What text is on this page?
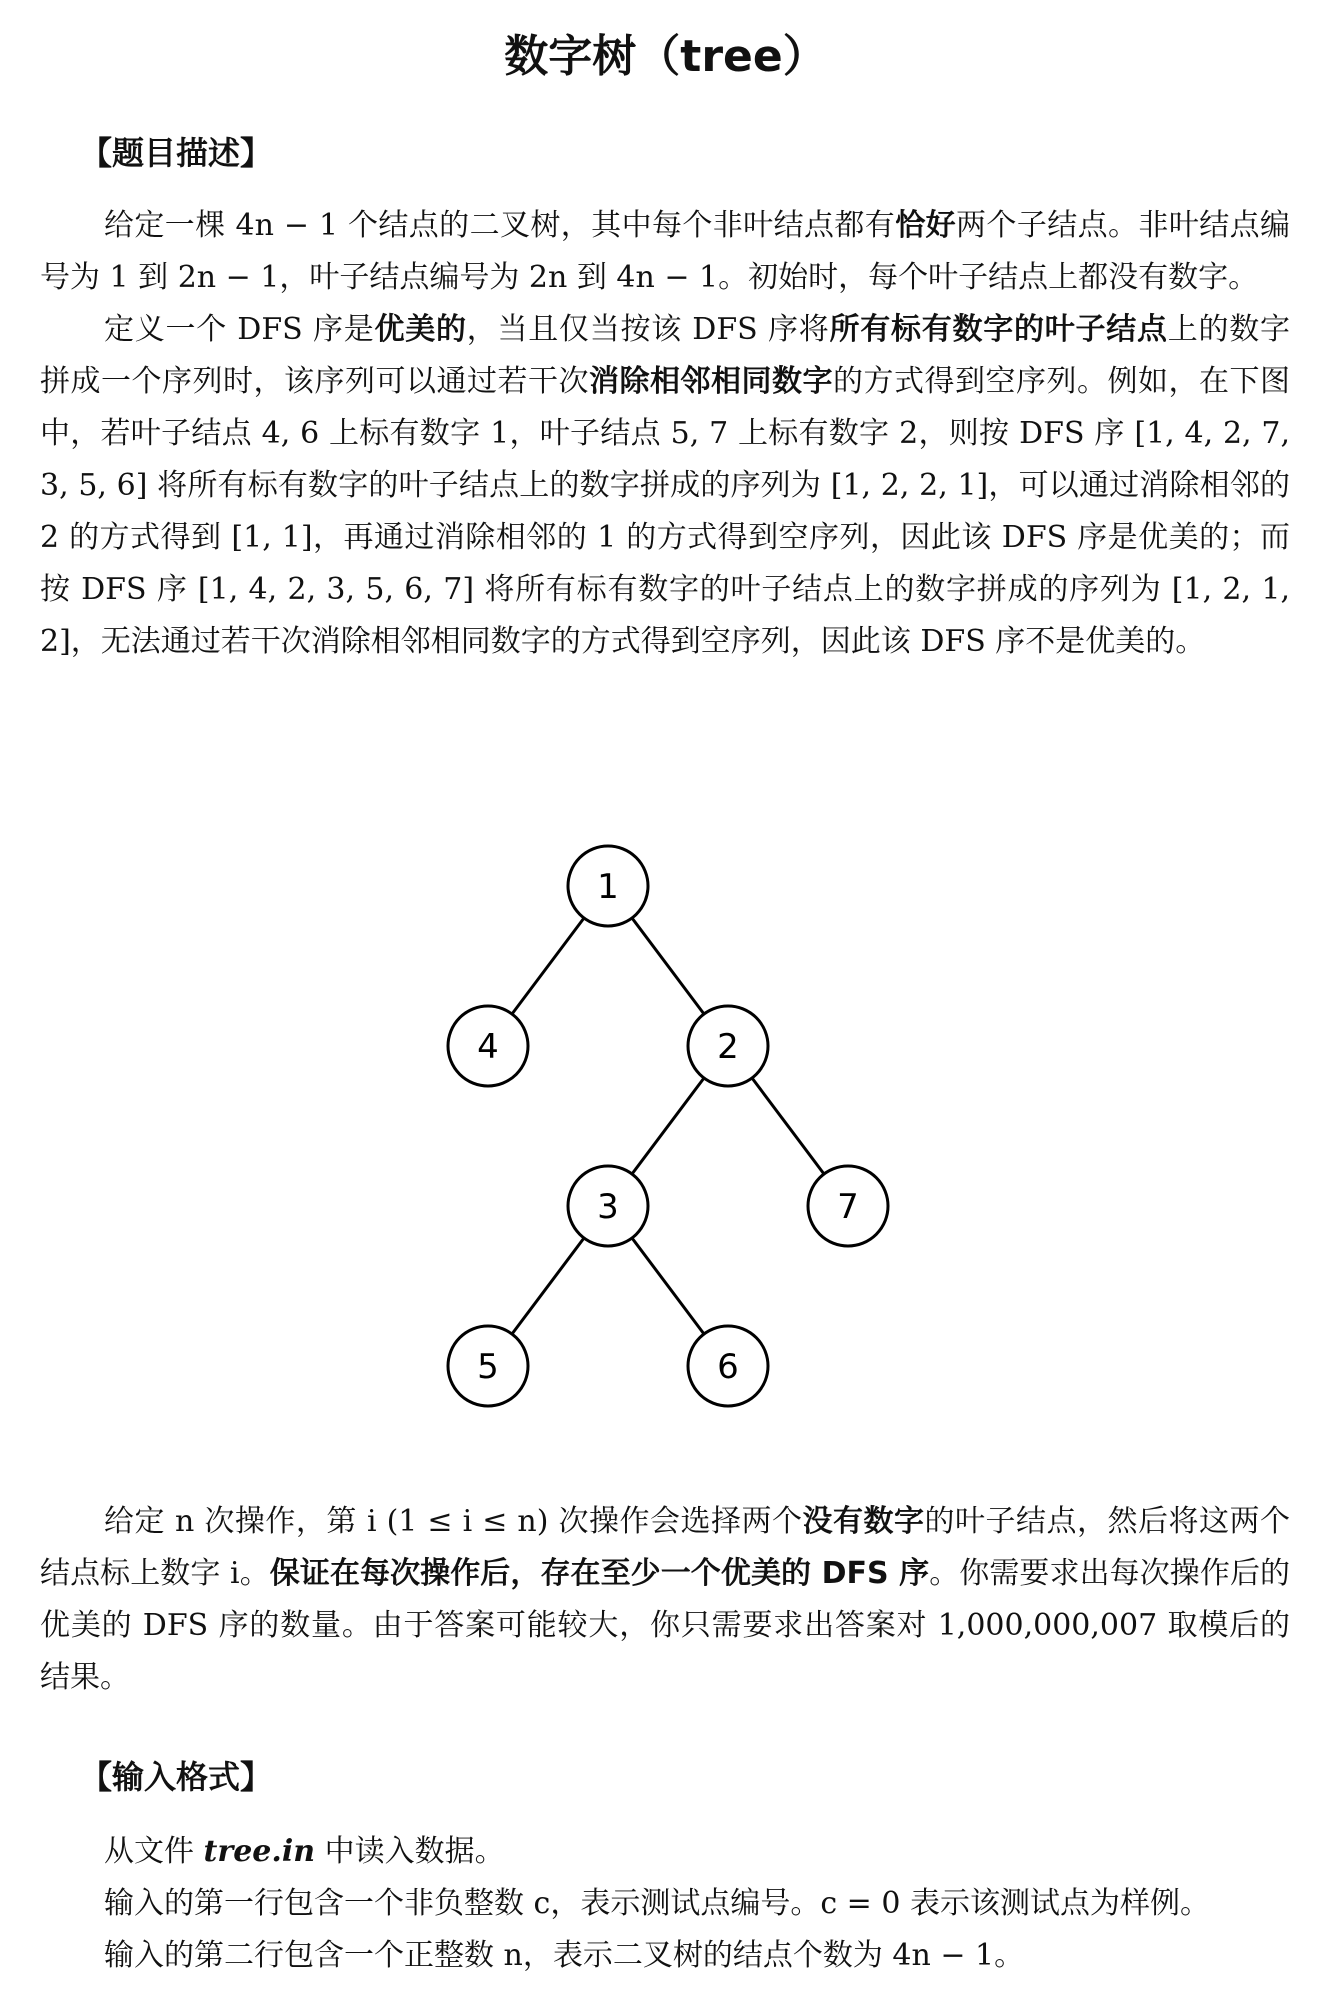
数字树（tree）
【题目描述】

给定一棵 4n − 1 个结点的二叉树，其中每个非叶结点都有恰好两个子结点。非叶结点编号为 1 到 2n − 1，叶子结点编号为 2n 到 4n − 1。初始时，每个叶子结点上都没有数字。

定义一个 DFS 序是优美的，当且仅当按该 DFS 序将所有标有数字的叶子结点上的数字拼成一个序列时，该序列可以通过若干次消除相邻相同数字的方式得到空序列。例如，在下图中，若叶子结点 4, 6 上标有数字 1，叶子结点 5, 7 上标有数字 2，则按 DFS 序 [1, 4, 2, 7, 3, 5, 6] 将所有标有数字的叶子结点上的数字拼成的序列为 [1, 2, 2, 1]，可以通过消除相邻的 2 的方式得到 [1, 1]，再通过消除相邻的 1 的方式得到空序列，因此该 DFS 序是优美的；而按 DFS 序 [1, 4, 2, 3, 5, 6, 7] 将所有标有数字的叶子结点上的数字拼成的序列为 [1, 2, 1, 2]，无法通过若干次消除相邻相同数字的方式得到空序列，因此该 DFS 序不是优美的。

1
4	2
3	7
5	6

给定 n 次操作，第 i (1 ≤ i ≤ n) 次操作会选择两个没有数字的叶子结点，然后将这两个结点标上数字 i。保证在每次操作后，存在至少一个优美的 DFS 序。你需要求出每次操作后的优美的 DFS 序的数量。由于答案可能较大，你只需要求出答案对 1,000,000,007 取模后的结果。

【输入格式】
从文件 tree.in 中读入数据。
输入的第一行包含一个非负整数 c，表示测试点编号。c = 0 表示该测试点为样例。
输入的第二行包含一个正整数 n，表示二叉树的结点个数为 4n − 1。
